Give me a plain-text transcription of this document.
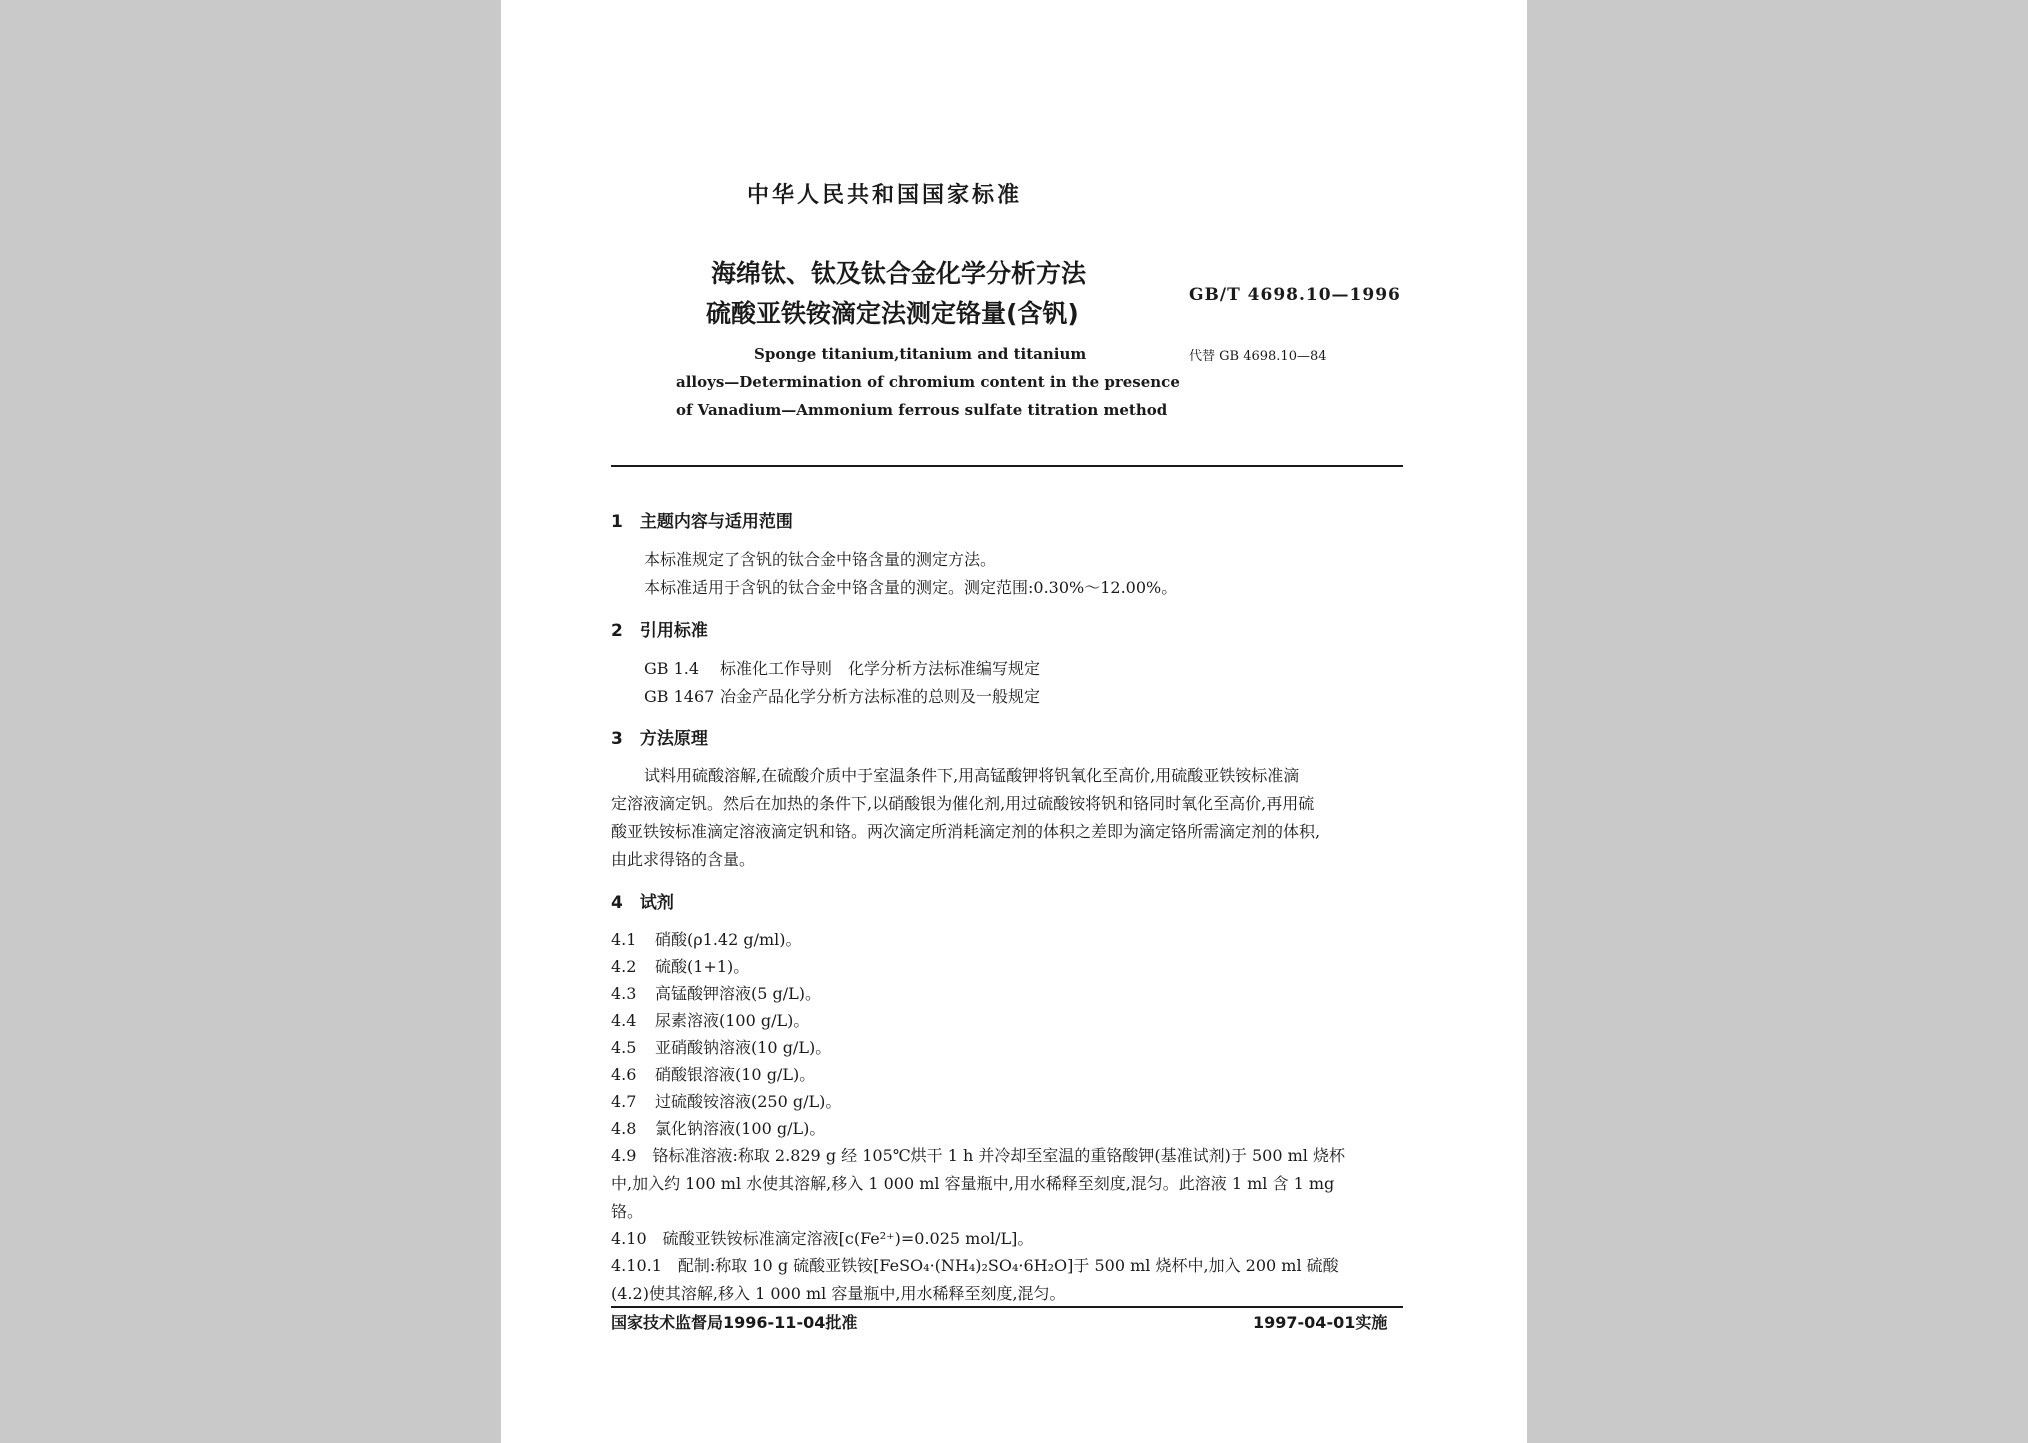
中华人民共和国国家标准
海绵钛、钛及钛合金化学分析方法
硫酸亚铁铵滴定法测定铬量(含钒)
GB/T 4698.10—1996
代替 GB 4698.10—84
Sponge titanium,titanium and titanium
alloys—Determination of chromium content in the presence
of Vanadium—Ammonium ferrous sulfate titration method
1　主题内容与适用范围
本标准规定了含钒的钛合金中铬含量的测定方法。
本标准适用于含钒的钛合金中铬含量的测定。测定范围:0.30%～12.00%。
2　引用标准
GB 1.4 标准化工作导则　化学分析方法标准编写规定
GB 1467 冶金产品化学分析方法标准的总则及一般规定
3　方法原理
试料用硫酸溶解,在硫酸介质中于室温条件下,用高锰酸钾将钒氧化至高价,用硫酸亚铁铵标准滴
定溶液滴定钒。然后在加热的条件下,以硝酸银为催化剂,用过硫酸铵将钒和铬同时氧化至高价,再用硫
酸亚铁铵标准滴定溶液滴定钒和铬。两次滴定所消耗滴定剂的体积之差即为滴定铬所需滴定剂的体积,
由此求得铬的含量。
4　试剂
4.1 硝酸(ρ1.42 g/ml)。
4.2 硫酸(1+1)。
4.3 高锰酸钾溶液(5 g/L)。
4.4 尿素溶液(100 g/L)。
4.5 亚硝酸钠溶液(10 g/L)。
4.6 硝酸银溶液(10 g/L)。
4.7 过硫酸铵溶液(250 g/L)。
4.8 氯化钠溶液(100 g/L)。
4.9　铬标准溶液:称取 2.829 g 经 105℃烘干 1 h 并冷却至室温的重铬酸钾(基准试剂)于 500 ml 烧杯
中,加入约 100 ml 水使其溶解,移入 1 000 ml 容量瓶中,用水稀释至刻度,混匀。此溶液 1 ml 含 1 mg
铬。
4.10　硫酸亚铁铵标准滴定溶液[c(Fe²⁺)=0.025 mol/L]。
4.10.1　配制:称取 10 g 硫酸亚铁铵[FeSO₄·(NH₄)₂SO₄·6H₂O]于 500 ml 烧杯中,加入 200 ml 硫酸
(4.2)使其溶解,移入 1 000 ml 容量瓶中,用水稀释至刻度,混匀。
国家技术监督局1996-11-04批准	1997-04-01实施
